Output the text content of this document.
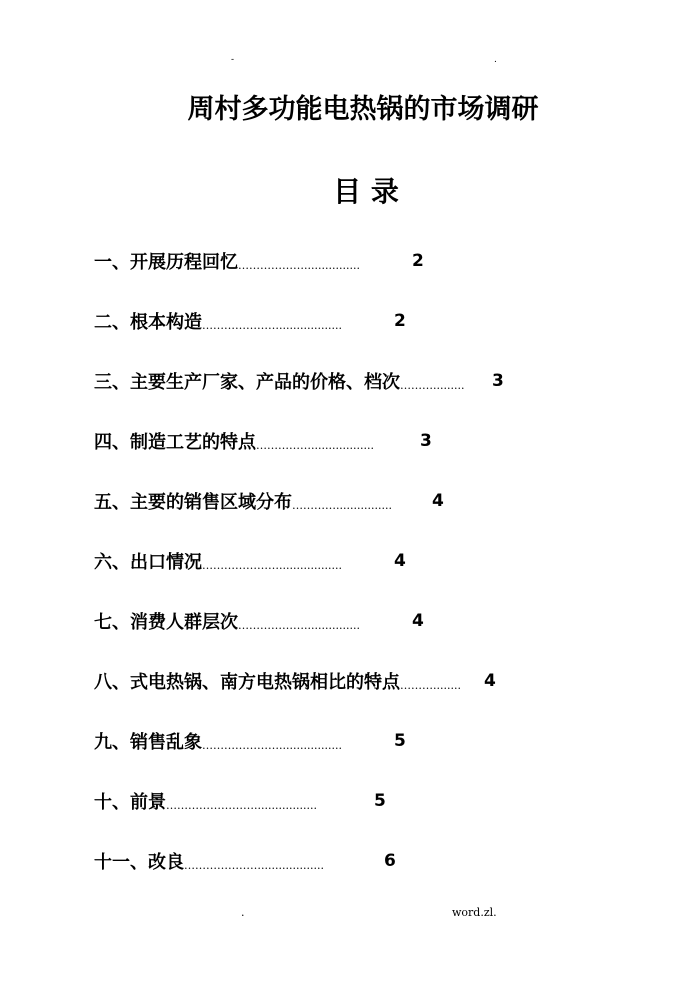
-	.
周村多功能电热锅的市场调研
目 录
一、开展历程回忆 ………………................	2
二、根本构造 …………………..................	2
三、主要生产厂家、产品的价格、档次 ……….........	3
四、制造工艺的特点 ……………..................	3
五、主要的销售区域分布 …………................	4
六、出口情况 …………………..................	4
七、消费人群层次 ………………................	4
八、式电热锅、南方电热锅相比的特点 ………........	4
九、销售乱象 …………………..................	5
十、前景 ……………………..................	5
十一、改良 …………………..................	6
.	word.zl.
